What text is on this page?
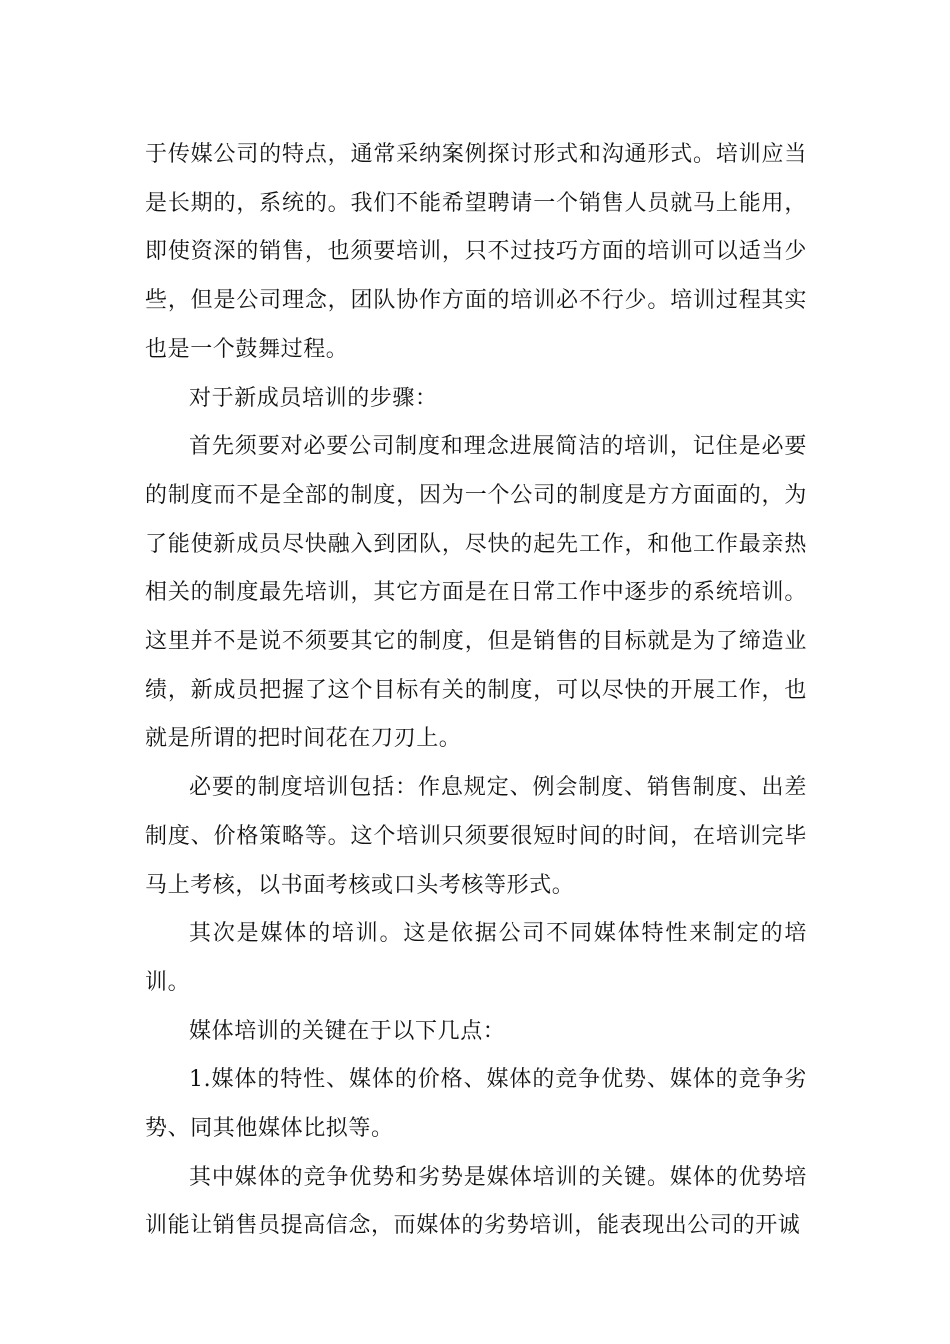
于传媒公司的特点，通常采纳案例探讨形式和沟通形式。培训应当是长期的，系统的。我们不能希望聘请一个销售人员就马上能用，即使资深的销售，也须要培训，只不过技巧方面的培训可以适当少些，但是公司理念，团队协作方面的培训必不行少。培训过程其实也是一个鼓舞过程。

对于新成员培训的步骤：

首先须要对必要公司制度和理念进展简洁的培训，记住是必要的制度而不是全部的制度，因为一个公司的制度是方方面面的，为了能使新成员尽快融入到团队，尽快的起先工作，和他工作最亲热相关的制度最先培训，其它方面是在日常工作中逐步的系统培训。这里并不是说不须要其它的制度，但是销售的目标就是为了缔造业绩，新成员把握了这个目标有关的制度，可以尽快的开展工作，也就是所谓的把时间花在刀刃上。

必要的制度培训包括：作息规定、例会制度、销售制度、出差制度、价格策略等。这个培训只须要很短时间的时间，在培训完毕马上考核，以书面考核或口头考核等形式。

其次是媒体的培训。这是依据公司不同媒体特性来制定的培训。

媒体培训的关键在于以下几点：

1.媒体的特性、媒体的价格、媒体的竞争优势、媒体的竞争劣势、同其他媒体比拟等。

其中媒体的竞争优势和劣势是媒体培训的关键。媒体的优势培训能让销售员提高信念，而媒体的劣势培训，能表现出公司的开诚
